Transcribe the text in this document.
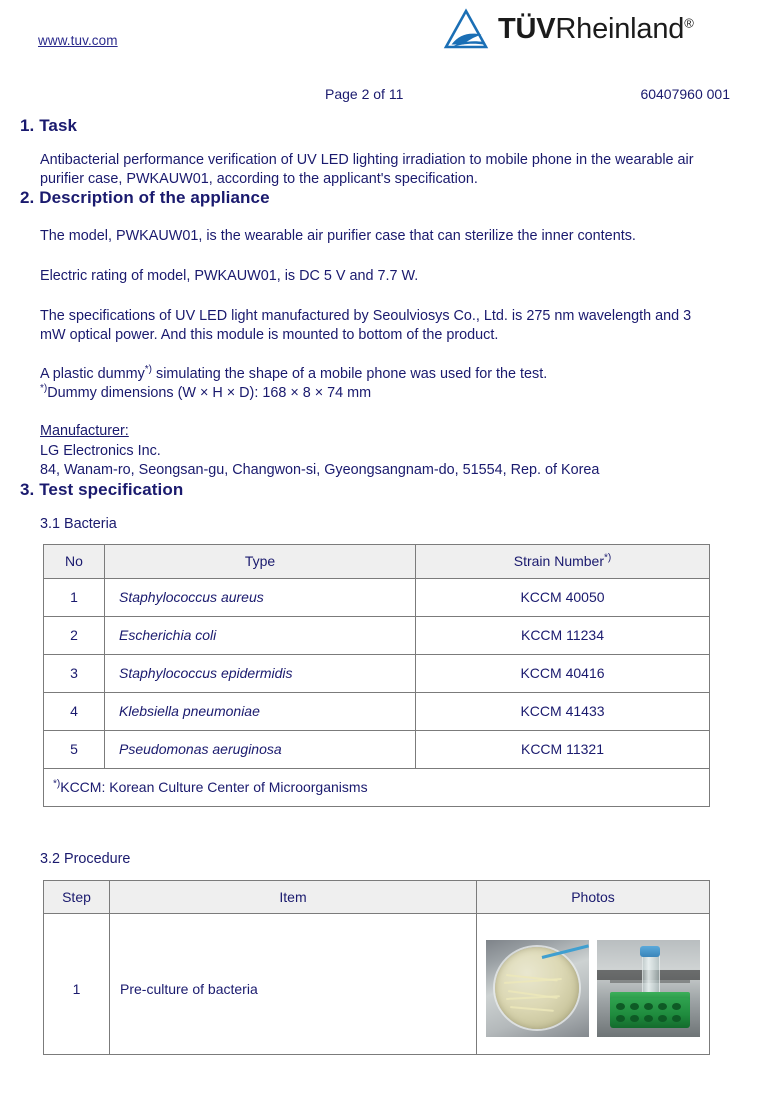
www.tuv.com	TÜVRheinland®
Page 2 of 11	60407960 001
1. Task

Antibacterial performance verification of UV LED lighting irradiation to mobile phone in the wearable air purifier case, PWKAUW01, according to the applicant's specification.

2. Description of the appliance

The model, PWKAUW01, is the wearable air purifier case that can sterilize the inner contents.

Electric rating of model, PWKAUW01, is DC 5 V and 7.7 W.

The specifications of UV LED light manufactured by Seoulviosys Co., Ltd. is 275 nm wavelength and 3 mW optical power. And this module is mounted to bottom of the product.

A plastic dummy*) simulating the shape of a mobile phone was used for the test.

*)Dummy dimensions (W × H × D): 168 × 8 × 74 mm

Manufacturer:

LG Electronics Inc.

84, Wanam-ro, Seongsan-gu, Changwon-si, Gyeongsangnam-do, 51554, Rep. of Korea

3. Test specification

3.1 Bacteria

No	Type	Strain Number*)
1	Staphylococcus aureus	KCCM 40050
2	Escherichia coli	KCCM 11234
3	Staphylococcus epidermidis	KCCM 40416
4	Klebsiella pneumoniae	KCCM 41433
5	Pseudomonas aeruginosa	KCCM 11321
*)KCCM: Korean Culture Center of Microorganisms		

3.2 Procedure

Step	Item	Photos
1	Pre-culture of bacteria	
